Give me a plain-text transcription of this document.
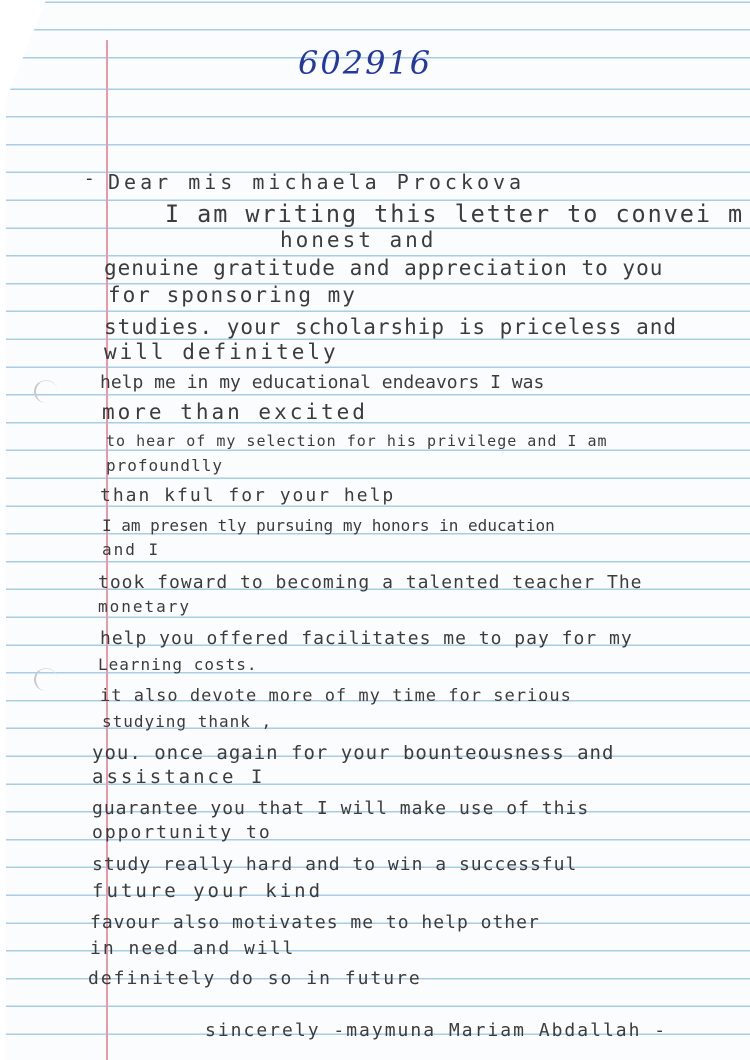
602916
- Dear mis michaela Prockova
I am writing this letter to convei m
honest and
genuine gratitude and appreciation to you
for sponsoring my
studies. your scholarship is priceless and
will definitely
help me in my educational endeavors I was
more than excited
to hear of my selection for his privilege and I am
profoundlly
than kful for your help
I am presen tly pursuing my honors in education
and I
took foward to becoming a talented teacher The
monetary
help you offered facilitates me to pay for my
Learning costs.
it also devote more of my time for serious
studying thank ,
you. once again for your bounteousness and
assistance I
guarantee you that I will make use of this
opportunity to
study really hard and to win a successful
future your kind
favour also motivates me to help other
in need and will
definitely do so in future
sincerely -maymuna Mariam Abdallah -
